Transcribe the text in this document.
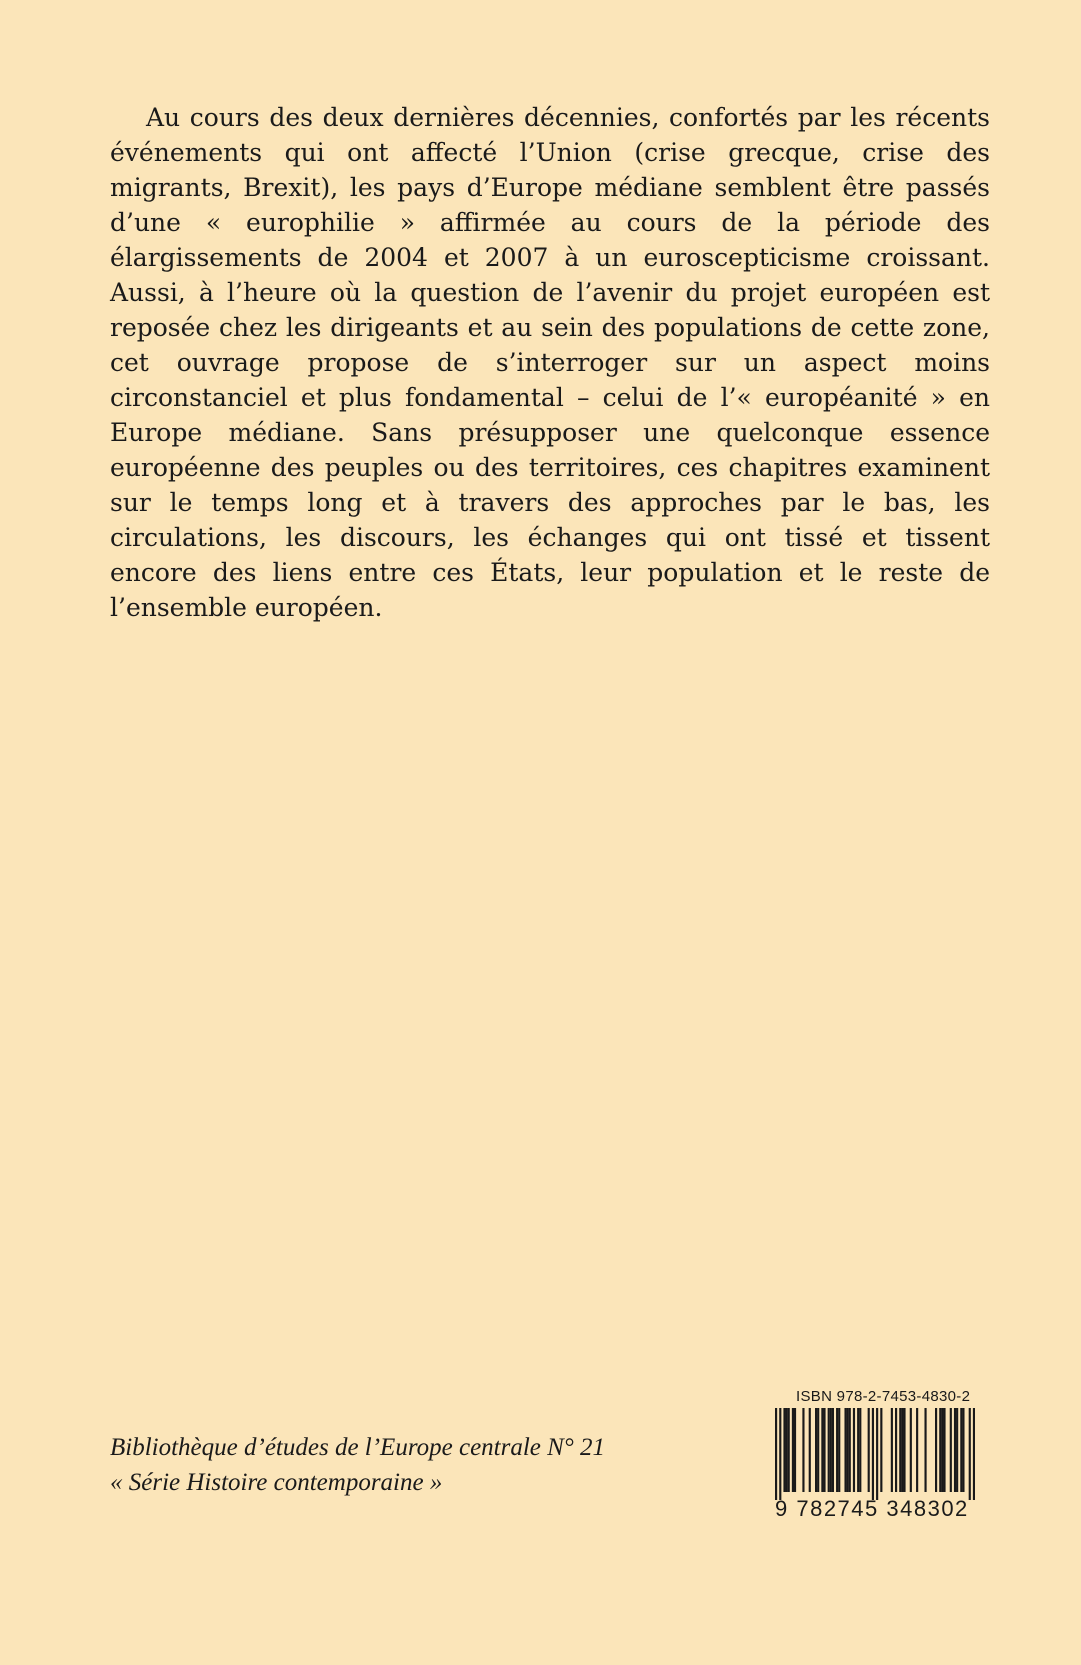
Au cours des deux dernières décennies, confortés par les récents
événements qui ont affecté l’Union (crise grecque, crise des
migrants, Brexit), les pays d’Europe médiane semblent être passés
d’une « europhilie » affirmée au cours de la période des
élargissements de 2004 et 2007 à un euroscepticisme croissant.
Aussi, à l’heure où la question de l’avenir du projet européen est
reposée chez les dirigeants et au sein des populations de cette zone,
cet ouvrage propose de s’interroger sur un aspect moins
circonstanciel et plus fondamental – celui de l’« européanité » en
Europe médiane. Sans présupposer une quelconque essence
européenne des peuples ou des territoires, ces chapitres examinent
sur le temps long et à travers des approches par le bas, les
circulations, les discours, les échanges qui ont tissé et tissent
encore des liens entre ces États, leur population et le reste de
l’ensemble européen.
Bibliothèque d’études de l’Europe centrale N° 21
« Série Histoire contemporaine »
ISBN 978-2-7453-4830-2
9 782745 348302
